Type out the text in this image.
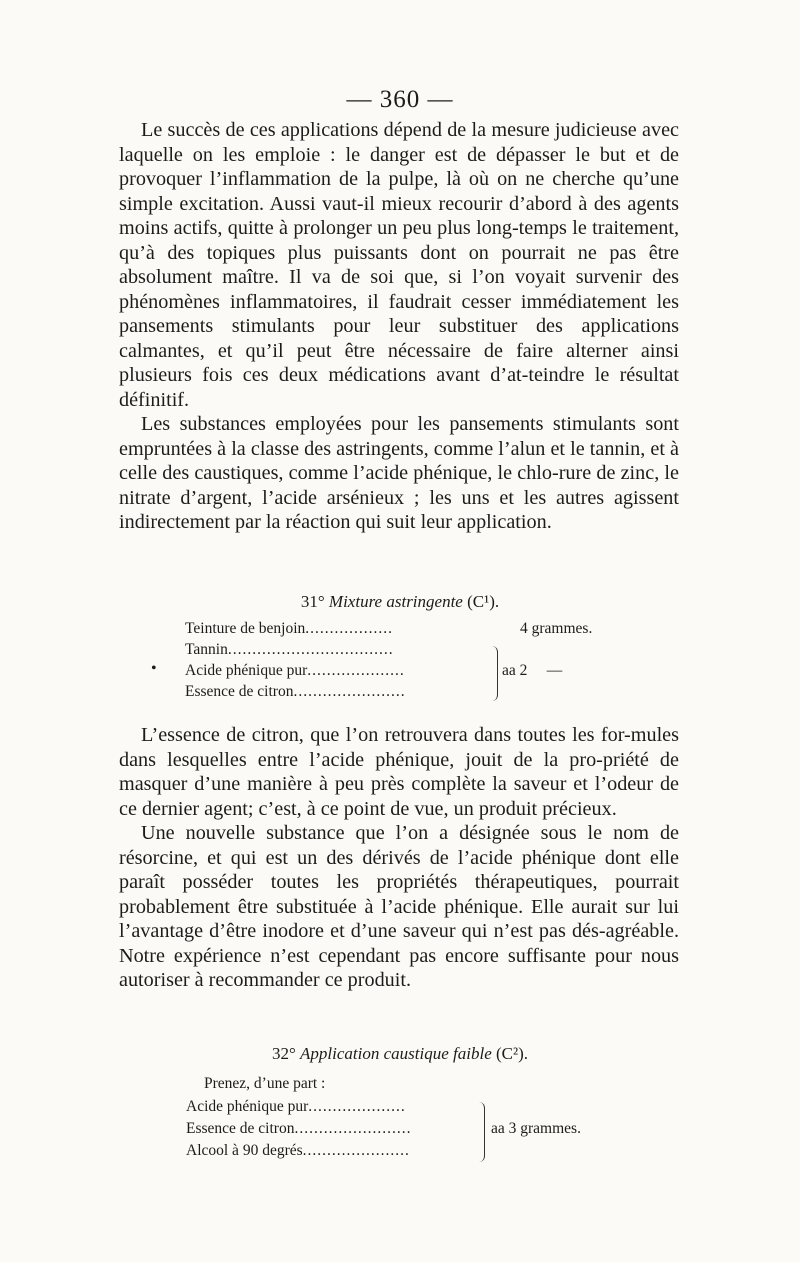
— 360 —

Le succès de ces applications dépend de la mesure judicieuse avec laquelle on les emploie : le danger est de dépasser le but et de provoquer l’inflammation de la pulpe, là où on ne cherche qu’une simple excitation. Aussi vaut-il mieux recourir d’abord à des agents moins actifs, quitte à prolonger un peu plus long-temps le traitement, qu’à des topiques plus puissants dont on pourrait ne pas être absolument maître. Il va de soi que, si l’on voyait survenir des phénomènes inflammatoires, il faudrait cesser immédiatement les pansements stimulants pour leur substituer des applications calmantes, et qu’il peut être nécessaire de faire alterner ainsi plusieurs fois ces deux médications avant d’at-teindre le résultat définitif.

Les substances employées pour les pansements stimulants sont empruntées à la classe des astringents, comme l’alun et le tannin, et à celle des caustiques, comme l’acide phénique, le chlo-rure de zinc, le nitrate d’argent, l’acide arsénieux ; les uns et les autres agissent indirectement par la réaction qui suit leur application.

31° Mixture astringente (C¹).
Teinture de benjoin..................	4 grammes.
Tannin..................................
• Acide phénique pur....................
Essence de citron.......................
aa 2 —

L’essence de citron, que l’on retrouvera dans toutes les for-mules dans lesquelles entre l’acide phénique, jouit de la pro-priété de masquer d’une manière à peu près complète la saveur et l’odeur de ce dernier agent; c’est, à ce point de vue, un produit précieux.

Une nouvelle substance que l’on a désignée sous le nom de résorcine, et qui est un des dérivés de l’acide phénique dont elle paraît posséder toutes les propriétés thérapeutiques, pourrait probablement être substituée à l’acide phénique. Elle aurait sur lui l’avantage d’être inodore et d’une saveur qui n’est pas dés-agréable. Notre expérience n’est cependant pas encore suffisante pour nous autoriser à recommander ce produit.

32° Application caustique faible (C²).
Prenez, d’une part :
Acide phénique pur....................
Essence de citron........................
Alcool à 90 degrés......................
aa 3 grammes.
